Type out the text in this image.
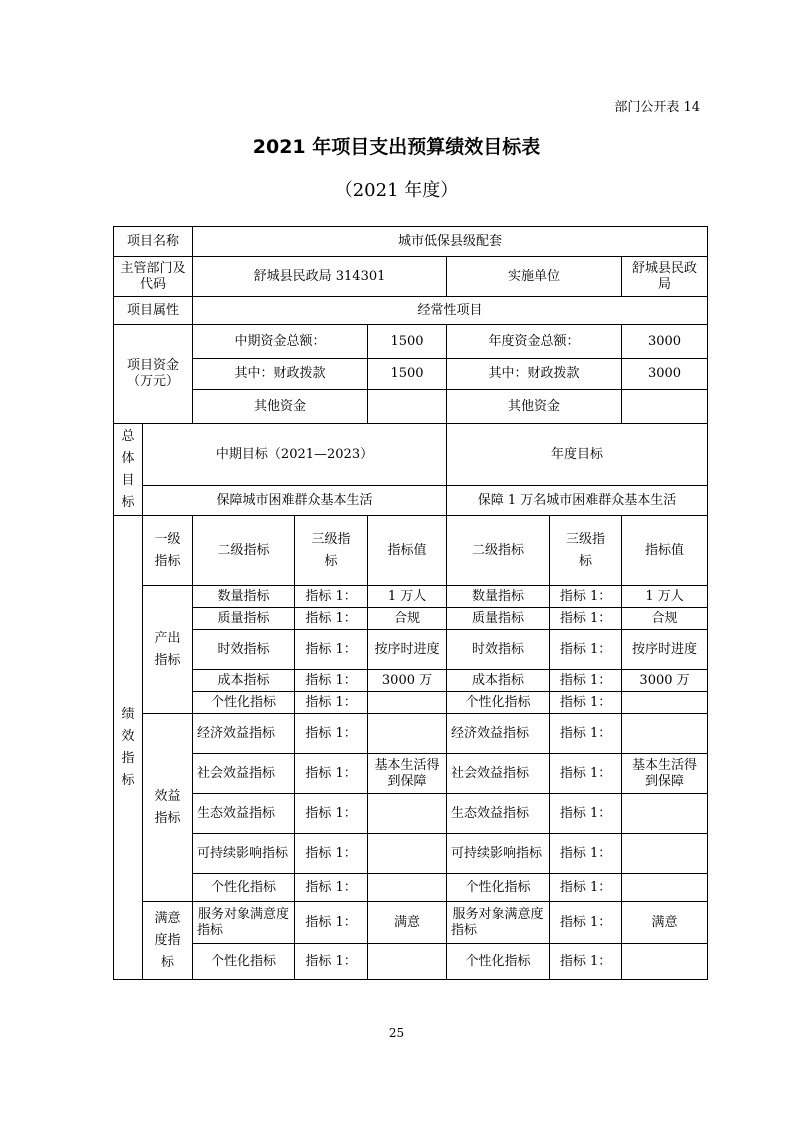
部门公开表 14
2021 年项目支出预算绩效目标表
（2021 年度）
项目名称		城市低保县级配套					
主管部门及代码		舒城县民政局 314301			实施单位		舒城县民政局
项目属性		经常性项目					

项目资金（万元）		中期资金总额：		1500	年度资金总额：		3000
		其中：财政拨款		1500	其中：财政拨款		3000
		其他资金			其他资金		

总体目标	中期目标（2021—2023）				年度目标		
	保障城市困难群众基本生活				保障 1 万名城市困难群众基本生活		

绩效指标	一级指标	二级指标	三级指标	指标值	二级指标	三级指标	指标值

	产出指标	数量指标	指标 1：	1 万人	数量指标	指标 1：	1 万人
		质量指标	指标 1：	合规	质量指标	指标 1：	合规
		时效指标	指标 1：	按序时进度	时效指标	指标 1：	按序时进度
		成本指标	指标 1：	3000 万	成本指标	指标 1：	3000 万
		个性化指标	指标 1：		个性化指标	指标 1：	

	效益指标	经济效益指标	指标 1：		经济效益指标	指标 1：	
		社会效益指标	指标 1：	基本生活得到保障	社会效益指标	指标 1：	基本生活得到保障
		生态效益指标	指标 1：		生态效益指标	指标 1：	
		可持续影响指标	指标 1：		可持续影响指标	指标 1：	
		个性化指标	指标 1：		个性化指标	指标 1：	

	满意度指标	服务对象满意度指标	指标 1：	满意	服务对象满意度指标	指标 1：	满意
		个性化指标	指标 1：		个性化指标	指标 1：	
25
